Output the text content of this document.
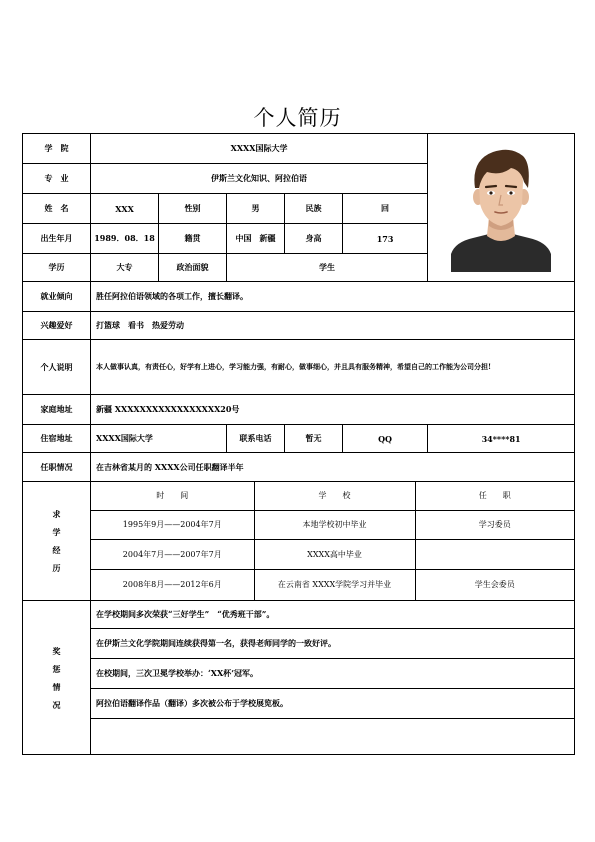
个人简历
学　院	XXXX国际大学	
专　业	伊斯兰文化知识、阿拉伯语
姓　名	XXX	性别	男	民族	回
出生年月	1989．08．18	籍贯	中国　新疆	身高	173
学历	大专	政治面貌	学生
就业倾向	胜任阿拉伯语领域的各项工作，擅长翻译。
兴趣爱好	打篮球　看书　热爱劳动
个人说明	本人做事认真，有责任心，好学有上进心，学习能力强，有耐心，做事细心，并且具有服务精神，希望自己的工作能为公司分担!
家庭地址	新疆 XXXXXXXXXXXXXXXXX20号
住宿地址	XXXX国际大学	联系电话	暂无	QQ	34****81
任职情况	在吉林省某月的 XXXX公司任职翻译半年

求
学
经
历

时　　间	学　　校	任　　职
1995年9月——2004年7月	本地学校初中毕业	学习委员
2004年7月——2007年7月	XXXX高中毕业	
2008年8月——2012年6月	在云南省 XXXX学院学习并毕业	学生会委员

奖
惩
情
况
	在学校期间多次荣获“三好学生”　“优秀班干部”。
在伊斯兰文化学院期间连续获得第一名，获得老师同学的一致好评。
在校期间，三次卫冕学校举办：‘XX杯’冠军。
阿拉伯语翻译作品（翻译）多次被公布于学校展览板。
